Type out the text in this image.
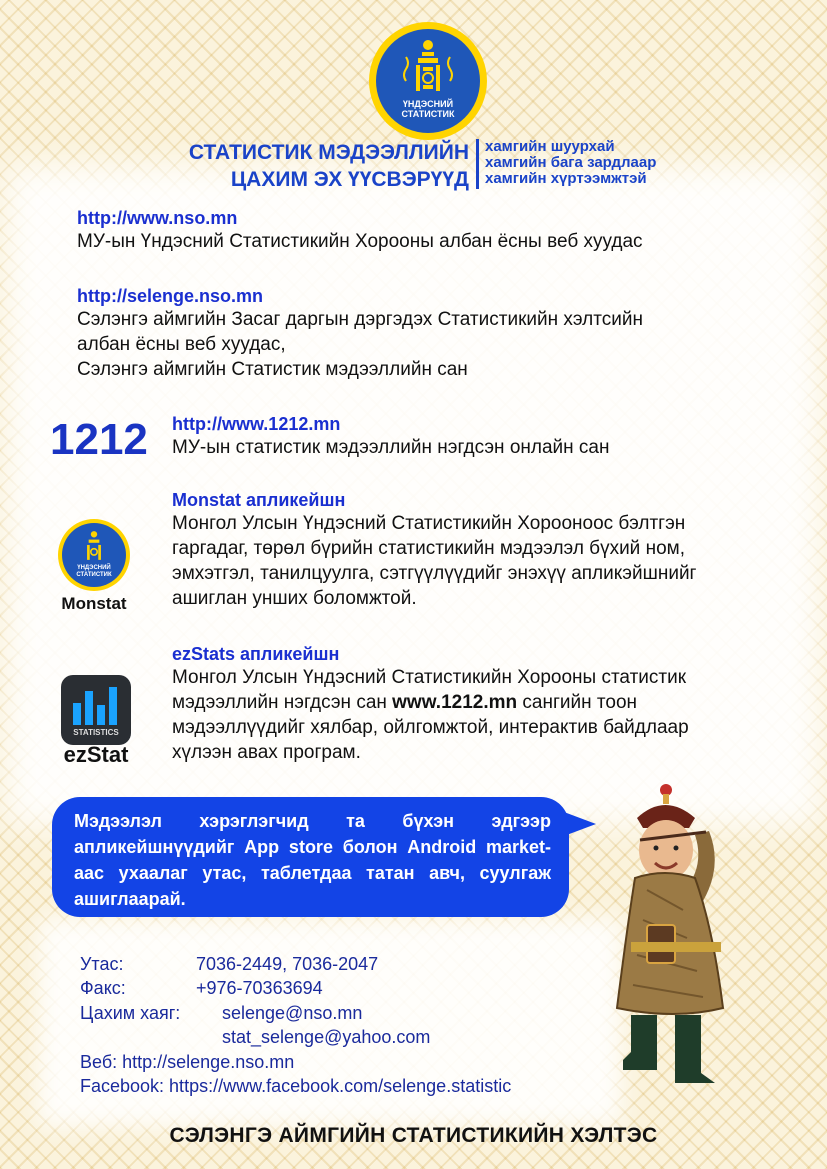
ҮНДЭСНИЙ
СТАТИСТИК
СТАТИСТИК МЭДЭЭЛЛИЙН
ЦАХИМ ЭХ ҮҮСВЭРҮҮД
хамгийн шуурхай
хамгийн бага зардлаар
хамгийн хүртээмжтэй
http://www.nso.mn
МУ-ын Үндэсний Статистикийн Хорооны албан ёсны веб хуудас
http://selenge.nso.mn
Сэлэнгэ аймгийн Засаг даргын дэргэдэх Статистикийн хэлтсийн
албан ёсны веб хуудас,
Сэлэнгэ аймгийн Статистик мэдээллийн сан
1212 http://www.1212.mn
МУ-ын статистик мэдээллийн нэгдсэн онлайн сан
ҮНДЭСНИЙ
СТАТИСТИК
Monstat
Monstat апликейшн
Монгол Улсын Үндэсний Статистикийн Хорооноос бэлтгэн
гаргадаг, төрөл бүрийн статистикийн мэдээлэл бүхий ном,
эмхэтгэл, танилцуулга, сэтгүүлүүдийг энэхүү апликэйшнийг
ашиглан унших боломжтой.
STATISTICS
ezStat
ezStats апликейшн
Монгол Улсын Үндэсний Статистикийн Хорооны статистик
мэдээллийн нэгдсэн сан www.1212.mn сангийн тоон
мэдээллүүдийг хялбар, ойлгомжтой, интерактив байдлаар
хүлээн авах програм.
Мэдээлэл хэрэглэгчид та бүхэн эдгээр апликейшнүүдийг App store болон Android market-аас ухаалаг утас, таблетдаа татан авч, суулгаж ашиглаарай.
Утас:	7036-2449, 7036-2047
Факс:	+976-70363694
Цахим хаяг: selenge@nso.mn
stat_selenge@yahoo.com
Веб: http://selenge.nso.mn
Facebook: https://www.facebook.com/selenge.statistic
СЭЛЭНГЭ АЙМГИЙН СТАТИСТИКИЙН ХЭЛТЭС
